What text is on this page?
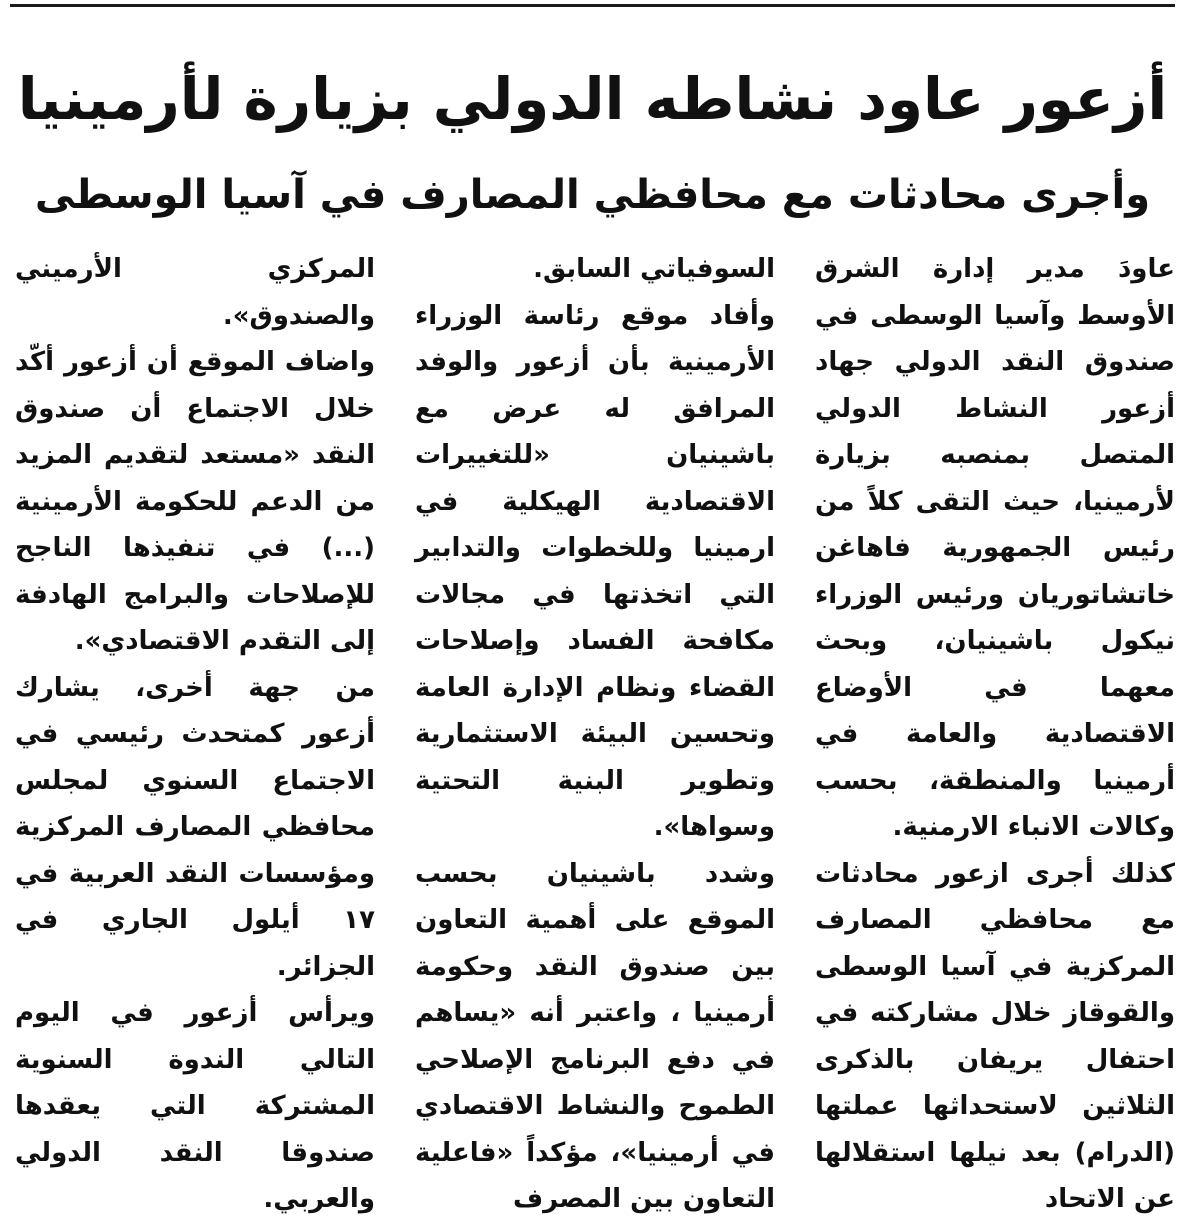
أزعور عاود نشاطه الدولي بزيارة لأرمينيا
وأجرى محادثات مع محافظي المصارف في آسيا الوسطى

عاودَ مدير إدارة الشرق الأوسط وآسيا الوسطى في صندوق النقد الدولي جهاد أزعور النشاط الدولي المتصل بمنصبه بزيارة لأرمينيا، حيث التقى كلاً من رئيس الجمهورية فاهاغن خاتشاتوريان ورئيس الوزراء نيكول باشينيان، وبحث معهما في الأوضاع الاقتصادية والعامة في أرمينيا والمنطقة، بحسب وكالات الانباء الارمنية.

كذلك أجرى ازعور محادثات مع محافظي المصارف المركزية في آسيا الوسطى والقوقاز خلال مشاركته في احتفال يريفان بالذكرى الثلاثين لاستحداثها عملتها (الدرام) بعد نيلها استقلالها عن الاتحاد

السوفياتي السابق.

وأفاد موقع رئاسة الوزراء الأرمينية بأن أزعور والوفد المرافق له عرض مع باشينيان «للتغييرات الاقتصادية الهيكلية في ارمينيا وللخطوات والتدابير التي اتخذتها في مجالات مكافحة الفساد وإصلاحات القضاء ونظام الإدارة العامة وتحسين البيئة الاستثمارية وتطوير البنية التحتية وسواها».

وشدد باشينيان بحسب الموقع على أهمية التعاون بين صندوق النقد وحكومة أرمينيا ، واعتبر أنه «يساهم في دفع البرنامج الإصلاحي الطموح والنشاط الاقتصادي في أرمينيا»، مؤكداً «فاعلية التعاون بين المصرف

المركزي الأرميني والصندوق».

واضاف الموقع أن أزعور أكّد خلال الاجتماع أن صندوق النقد «مستعد لتقديم المزيد من الدعم للحكومة الأرمينية (...) في تنفيذها الناجح للإصلاحات والبرامج الهادفة إلى التقدم الاقتصادي».

من جهة أخرى، يشارك أزعور كمتحدث رئيسي في الاجتماع السنوي لمجلس محافظي المصارف المركزية ومؤسسات النقد العربية في ١٧ أيلول الجاري في الجزائر.

ويرأس أزعور في اليوم التالي الندوة السنوية المشتركة التي يعقدها صندوقا النقد الدولي والعربي.
